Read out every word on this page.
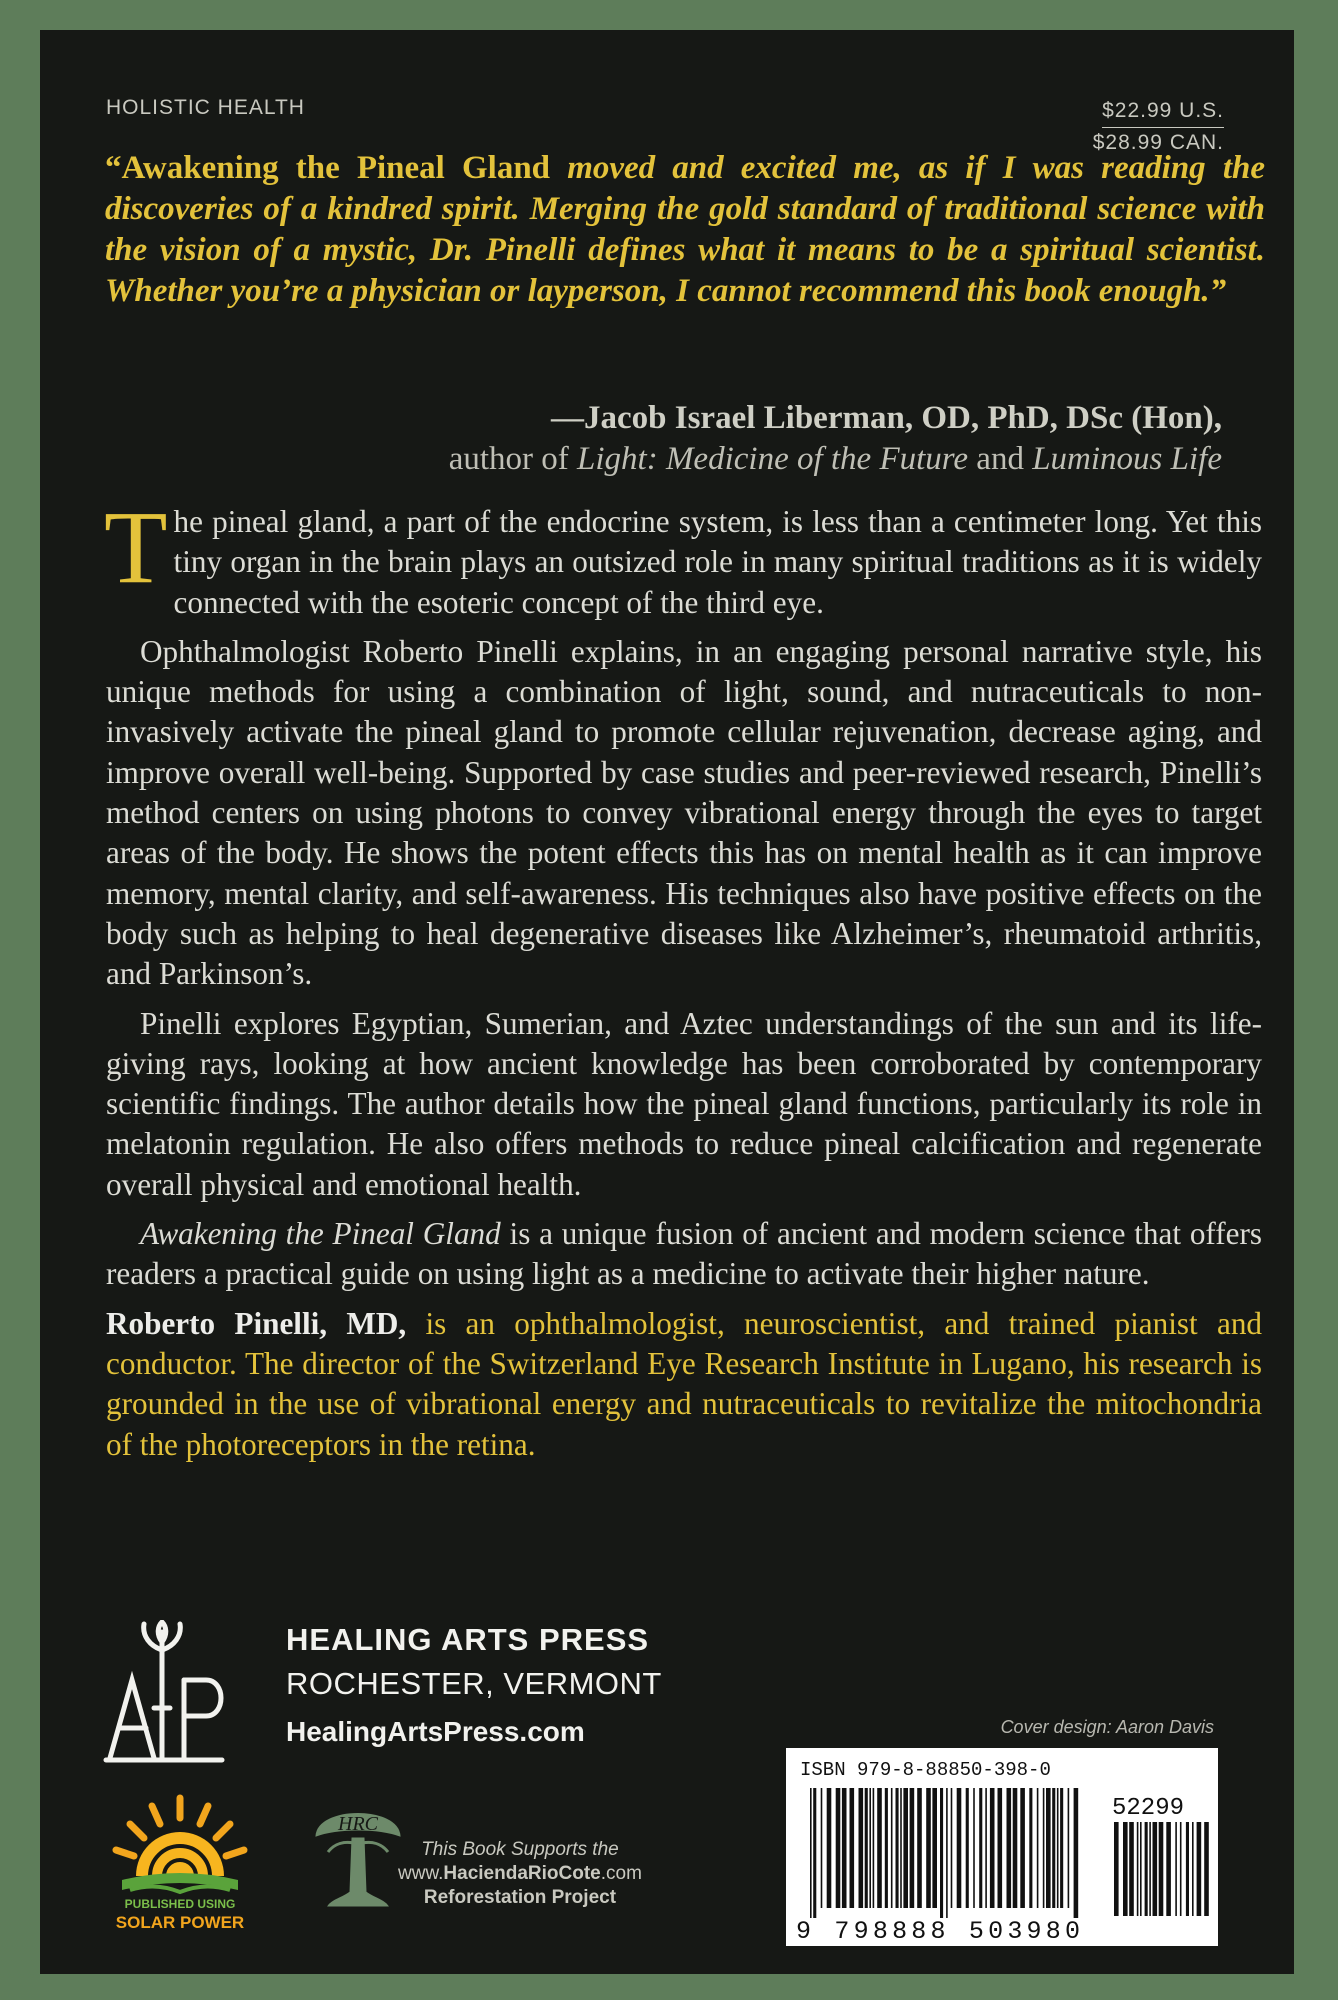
HOLISTIC HEALTH	$22.99 U.S.
$28.99 CAN.
“Awakening the Pineal Gland moved and excited me, as if I was reading the discoveries of a kindred spirit. Merging the gold standard of traditional science with the vision of a mystic, Dr. Pinelli defines what it means to be a spiritual scientist. Whether you’re a physician or layperson, I cannot recommend this book enough.”
—Jacob Israel Liberman, OD, PhD, DSc (Hon),
author of Light: Medicine of the Future and Luminous Life

The pineal gland, a part of the endocrine system, is less than a centimeter long. Yet this tiny organ in the brain plays an outsized role in many spiritual traditions as it is widely connected with the esoteric concept of the third eye.

Ophthalmologist Roberto Pinelli explains, in an engaging personal narrative style, his unique methods for using a combination of light, sound, and nutraceuticals to non-invasively activate the pineal gland to promote cellular rejuvenation, decrease aging, and improve overall well-being. Supported by case studies and peer-reviewed research, Pinelli’s method centers on using photons to convey vibrational energy through the eyes to target areas of the body. He shows the potent effects this has on mental health as it can improve memory, mental clarity, and self-awareness. His techniques also have positive effects on the body such as helping to heal degenerative diseases like Alzheimer’s, rheumatoid arthritis, and Parkinson’s.

Pinelli explores Egyptian, Sumerian, and Aztec understandings of the sun and its life-giving rays, looking at how ancient knowledge has been corroborated by contemporary scientific findings. The author details how the pineal gland functions, particularly its role in melatonin regulation. He also offers methods to reduce pineal calcification and regenerate overall physical and emotional health.

Awakening the Pineal Gland is a unique fusion of ancient and modern science that offers readers a practical guide on using light as a medicine to activate their higher nature.

Roberto Pinelli, MD, is an ophthalmologist, neuroscientist, and trained pianist and conductor. The director of the Switzerland Eye Research Institute in Lugano, his research is grounded in the use of vibrational energy and nutraceuticals to revitalize the mitochondria of the photoreceptors in the retina.

HEALING ARTS PRESS
ROCHESTER, VERMONT
HealingArtsPress.com	Cover design: Aaron Davis
PUBLISHED USING
SOLAR POWER
HRC
This Book Supports the
www.HaciendaRioCote.com
Reforestation Project
ISBN 979-8-88850-398-0
52299
9 798888 503980
